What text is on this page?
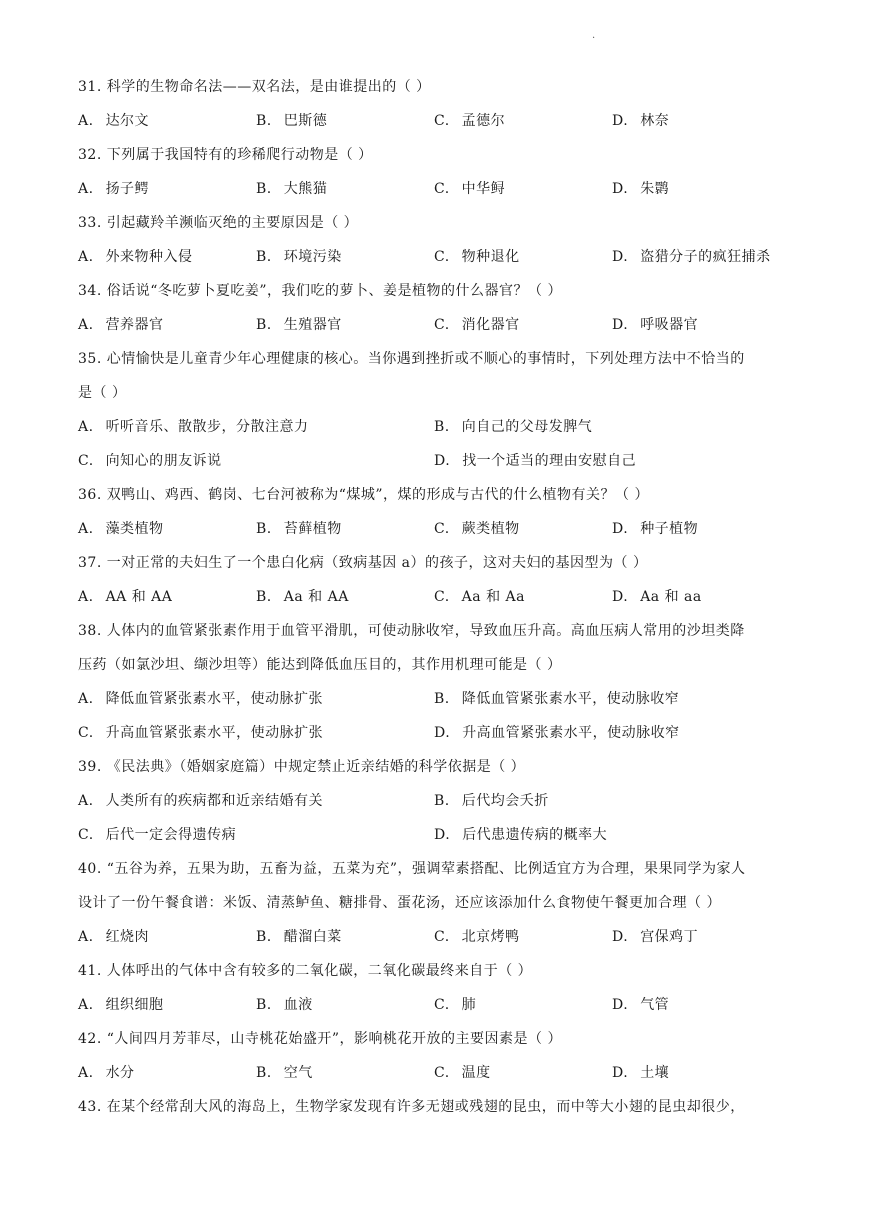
.
31. 科学的生物命名法——双名法，是由谁提出的（ ）
A. 达尔文	B. 巴斯德	C. 孟德尔	D. 林奈
32. 下列属于我国特有的珍稀爬行动物是（ ）
A. 扬子鳄	B. 大熊猫	C. 中华鲟	D. 朱鹮
33. 引起藏羚羊濒临灭绝的主要原因是（ ）
A. 外来物种入侵	B. 环境污染	C. 物种退化	D. 盗猎分子的疯狂捕杀
34. 俗话说“冬吃萝卜夏吃姜”，我们吃的萝卜、姜是植物的什么器官？（ ）
A. 营养器官	B. 生殖器官	C. 消化器官	D. 呼吸器官
35. 心情愉快是儿童青少年心理健康的核心。当你遇到挫折或不顺心的事情时，下列处理方法中不恰当的
是（ ）
A. 听听音乐、散散步，分散注意力	B. 向自己的父母发脾气
C. 向知心的朋友诉说	D. 找一个适当的理由安慰自己
36. 双鸭山、鸡西、鹤岗、七台河被称为“煤城”，煤的形成与古代的什么植物有关？（ ）
A. 藻类植物	B. 苔藓植物	C. 蕨类植物	D. 种子植物
37. 一对正常的夫妇生了一个患白化病（致病基因 a）的孩子，这对夫妇的基因型为（ ）
A. AA 和 AA	B. Aa 和 AA	C. Aa 和 Aa	D. Aa 和 aa
38. 人体内的血管紧张素作用于血管平滑肌，可使动脉收窄，导致血压升高。高血压病人常用的沙坦类降
压药（如氯沙坦、缬沙坦等）能达到降低血压目的，其作用机理可能是（ ）
A. 降低血管紧张素水平，使动脉扩张	B. 降低血管紧张素水平，使动脉收窄
C. 升高血管紧张素水平，使动脉扩张	D. 升高血管紧张素水平，使动脉收窄
39. 《民法典》（婚姻家庭篇）中规定禁止近亲结婚的科学依据是（ ）
A. 人类所有的疾病都和近亲结婚有关	B. 后代均会夭折
C. 后代一定会得遗传病	D. 后代患遗传病的概率大
40. “五谷为养，五果为助，五畜为益，五菜为充”，强调荤素搭配、比例适宜方为合理，果果同学为家人
设计了一份午餐食谱：米饭、清蒸鲈鱼、糖排骨、蛋花汤，还应该添加什么食物使午餐更加合理（ ）
A. 红烧肉	B. 醋溜白菜	C. 北京烤鸭	D. 宫保鸡丁
41. 人体呼出的气体中含有较多的二氧化碳，二氧化碳最终来自于（ ）
A. 组织细胞	B. 血液	C. 肺	D. 气管
42. “人间四月芳菲尽，山寺桃花始盛开”，影响桃花开放的主要因素是（ ）
A. 水分	B. 空气	C. 温度	D. 土壤
43. 在某个经常刮大风的海岛上，生物学家发现有许多无翅或残翅的昆虫，而中等大小翅的昆虫却很少，
